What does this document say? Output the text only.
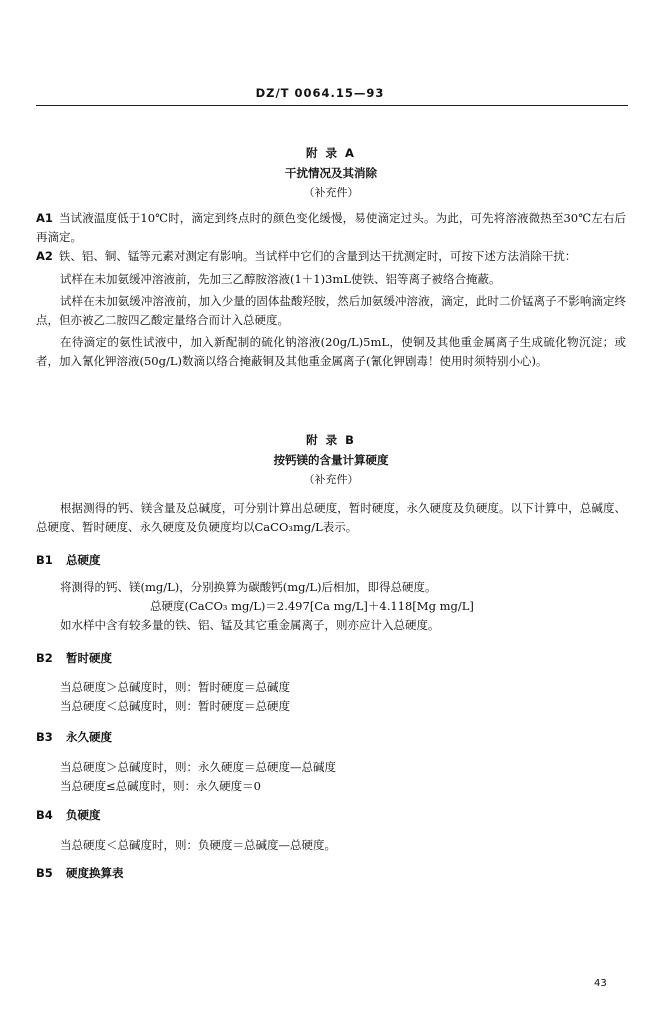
DZ/T 0064.15—93
附 录 A
干扰情况及其消除
（补充件）

A1 当试液温度低于10℃时，滴定到终点时的颜色变化缓慢，易使滴定过头。为此，可先将溶液微热至30℃左右后再滴定。

A2 铁、铝、铜、锰等元素对测定有影响。当试样中它们的含量到达干扰测定时，可按下述方法消除干扰：

试样在未加氨缓冲溶液前，先加三乙醇胺溶液(1＋1)3mL使铁、铝等离子被络合掩蔽。

试样在未加氨缓冲溶液前，加入少量的固体盐酸羟胺，然后加氨缓冲溶液，滴定，此时二价锰离子不影响滴定终点，但亦被乙二胺四乙酸定量络合而计入总硬度。

在待滴定的氨性试液中，加入新配制的硫化钠溶液(20g/L)5mL，使铜及其他重金属离子生成硫化物沉淀；或者，加入氰化钾溶液(50g/L)数滴以络合掩蔽铜及其他重金属离子(氰化钾剧毒！使用时须特别小心)。

附 录 B
按钙镁的含量计算硬度
（补充件）

根据测得的钙、镁含量及总碱度，可分别计算出总硬度，暂时硬度，永久硬度及负硬度。以下计算中，总碱度、总硬度、暂时硬度、永久硬度及负硬度均以CaCO₃mg/L表示。

B1 总硬度

将测得的钙、镁(mg/L)，分别换算为碳酸钙(mg/L)后相加，即得总硬度。

总硬度(CaCO₃ mg/L)＝2.497[Ca mg/L]＋4.118[Mg mg/L]

如水样中含有较多量的铁、铝、锰及其它重金属离子，则亦应计入总硬度。

B2 暂时硬度

当总硬度＞总碱度时，则：暂时硬度＝总碱度

当总硬度＜总碱度时，则：暂时硬度＝总硬度

B3 永久硬度

当总硬度＞总碱度时，则：永久硬度＝总硬度—总碱度

当总硬度≤总碱度时，则：永久硬度＝0

B4 负硬度

当总硬度＜总碱度时，则：负硬度＝总碱度—总硬度。

B5 硬度换算表
43
